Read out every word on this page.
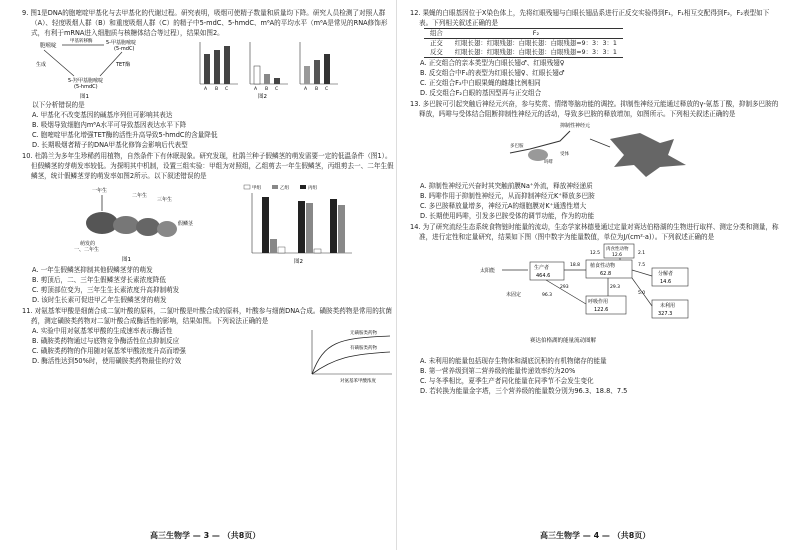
9. 图1是DNA的胞嘧啶甲基化与去甲基化的代谢过程。研究表明，吸烟可使精子数量和质量均下降。研究人员检测了对照人群（A）、轻度吸烟人群（B）和重度吸烟人群（C）的精子中5-mdC、5-hmdC、m⁶A的平均水平（m⁶A是常见的RNA修饰形式，有利于mRNA进入细胞质与核糖体结合等过程），结果如图2。
胞嘧啶
甲基转移酶	5-甲基胞嘧啶
(5-mdC)
生成	TET酶
5-羟甲基胞嘧啶
(5-hmdC)
图1
A B C	A B C	A B C
图2
以下分析错误的是
A. 甲基化不改变基因的碱基序列但可影响其表达
B. 吸烟导致细胞内m⁶A水平可导致基因表达水平下降
C. 胞嘧啶甲基化增强TET酶的活性升高导致5-hmdC的含量降低
D. 长期吸烟者精子的DNA甲基化修饰会影响后代表型
10. 杜鹃兰为多年生珍稀药用植物，自然条件下有休眠现象。研究发现，杜鹃兰种子假鳞茎的萌发需要一定的低温条件（图1）。但假鳞茎的芽萌发率较低。为探明其中机制，设置三组实验：甲组为对照组，乙组剪去一年生假鳞茎，丙组剪去一、二年生假鳞茎，统计假鳞茎芽的萌发率如图2所示。以下叙述错误的是
一年生
二年生
三年生
假鳞茎
萌发的
一、二年生
图1
甲组	乙组	丙组
图2
A. 一年生假鳞茎抑制其他假鳞茎芽的萌发
B. 剪顶后，二、三年生假鳞茎芽长素浓度降低
C. 剪顶部位变为，三年生生长素浓度升高抑制萌发
D. 该时生长素可促进甲乙年生假鳞茎芽的萌发
11. 对氨基苯甲酸是细菌合成二氢叶酸的原料，二氢叶酸是叶酸合成的原料，叶酸参与细菌DNA合成。磺胺类药物是常用的抗菌药，测定磺胺类药物对二氢叶酸合成酶活性的影响，结果如图。下列说法正确的是
A. 实验中用对氨基苯甲酸的生成速率表示酶活性
B. 磺胺类药物通过与底物竞争酶活性位点抑制反应
C. 磺胺类药物的作用随对氨基苯甲酸浓度升高而增强
D. 酶活性达到50%时，使用磺胺类药物最佳的疗效
无磺胺类药物
有磺胺类药物
对氨基苯甲酸浓度
12. 果蝇的白眼基因位于X染色体上，先将红眼残翅与白眼长翅品系进行正反交实验得到F₁，F₁相互交配得到F₂，F₂表型如下表。下列相关叙述正确的是
组合	F₂
正交	红眼长翅：红眼残翅：白眼长翅：白眼残翅=9：3：3：1
反交	红眼长翅：红眼残翅：白眼长翅：白眼残翅=9：3：3：1
A. 正交组合的亲本类型为白眼长翅♂、红眼残翅♀
B. 反交组合中F₁的表型为红眼长翅♀、红眼长翅♂
C. 正交组合F₂中白眼果蝇的雌雄比例相同
D. 反交组合F₂白眼的基因型再与正交组合
13. 多巴胺可引起突触后神经元兴奋，参与奖赏、情绪等脑功能的调控。抑制性神经元能通过释放的γ-氨基丁酸，抑制多巴胺的释放，吗啡与受体结合阻断抑制性神经元的活动，导致多巴胺的释放增加，如图所示。下列相关叙述正确的是
抑制性神经元
多巴胺
吗啡
受体
A. 抑制性神经元兴奋时其突触前膜Na⁺外流，释放神经递质
B. 吗啡作用于抑制性神经元，从而抑制神经元K⁺释放多巴胺
C. 多巴胺释放量增多，神经元A的细胞膜对K⁺通透性增大
D. 长期使用吗啡，引发多巴胺受体的调节功能，作为的功能
14. 为了研究流经生态系统食物链时能量的流动，生态学家林德曼通过定量对赛达伯格湖的生物进行取样、测定分类和测量，称准，进行定性和定量研究，结果如下图（图中数字为能量数值，单位为J/(cm²·a)）。下列叙述正确的是
太阳能	生产者
464.6
植食性动物
62.8
肉食性动物
12.6
分解者
14.6
呼吸作用
122.6
未利用
327.3
未固定
12.5	2.1
7.5
18.8
29.3
293
96.3	5.0
赛达伯格湖的能量流动图解
A. 未利用的能量包括现存生物体和湖底沉积的有机物储存的能量
B. 第一营养级到第二营养级的能量传递效率约为20%
C. 与冬季相比，夏季生产者同化能量在同季节不会发生变化
D. 若转换为能量金字塔，三个营养级的能量数分别为96.3、18.8、7.5
高三生物学 — 3 — （共8页）	高三生物学 — 4 — （共8页）
